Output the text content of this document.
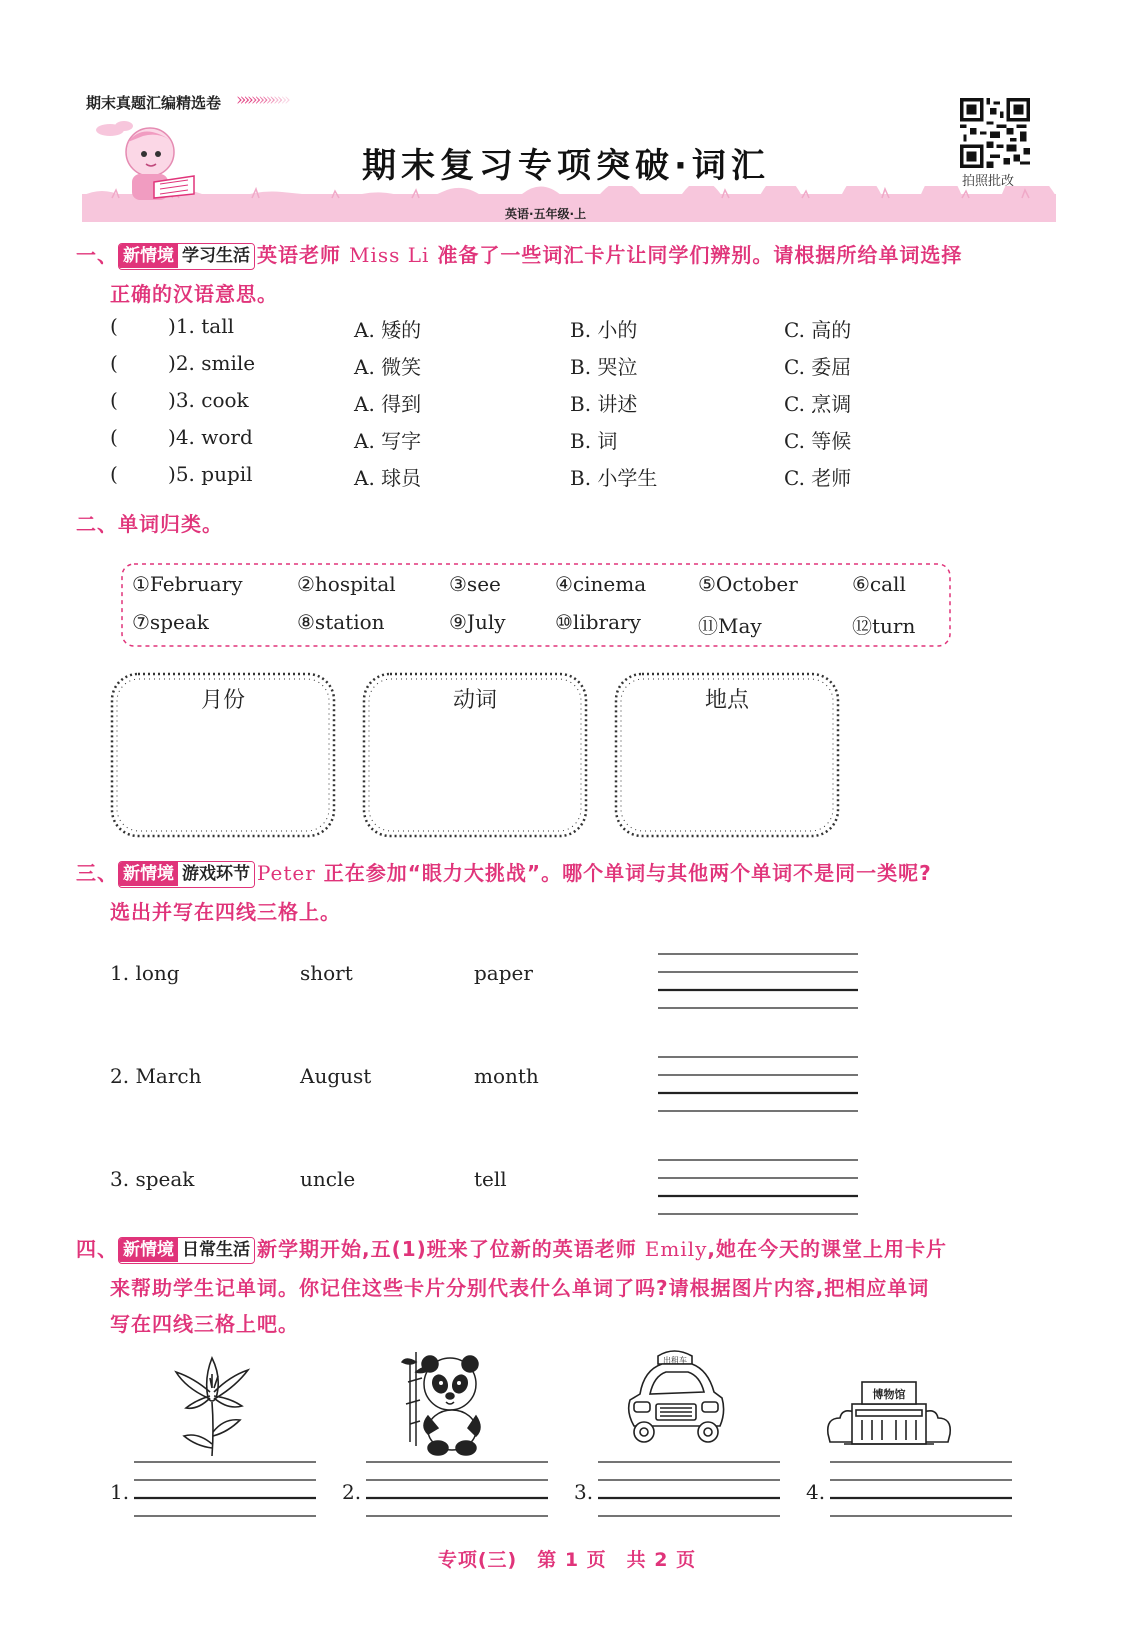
期末真题汇编精选卷 »»»»»»»
期末复习专项突破·词汇	拍照批改
英语·五年级·上
一、 新情境 学习生活 英语老师 Miss Li 准备了一些词汇卡片让同学们辨别。请根据所给单词选择
正确的汉语意思。
(	)1. tall	A. 矮的	B. 小的	C. 高的
(	)2. smile	A. 微笑	B. 哭泣	C. 委屈
(	)3. cook	A. 得到	B. 讲述	C. 烹调
(	)4. word	A. 写字	B. 词	C. 等候
(	)5. pupil	A. 球员	B. 小学生	C. 老师
二、单词归类。
①February	②hospital	③see	④cinema	⑤October	⑥call
⑦speak	⑧station	⑨July ⑩library	⑪May	⑫turn
月份	动词	地点
三、 新情境 游戏环节 Peter 正在参加“眼力大挑战”。哪个单词与其他两个单词不是同一类呢?
选出并写在四线三格上。
1. long	short	paper
2. March	August	month
3. speak	uncle	tell
四、 新情境 日常生活 新学期开始,五(1)班来了位新的英语老师 Emily,她在今天的课堂上用卡片
来帮助学生记单词。你记住这些卡片分别代表什么单词了吗?请根据图片内容,把相应单词
写在四线三格上吧。
出租车
博物馆
1.	2.	3.	4.
专项(三)　第 1 页　共 2 页
